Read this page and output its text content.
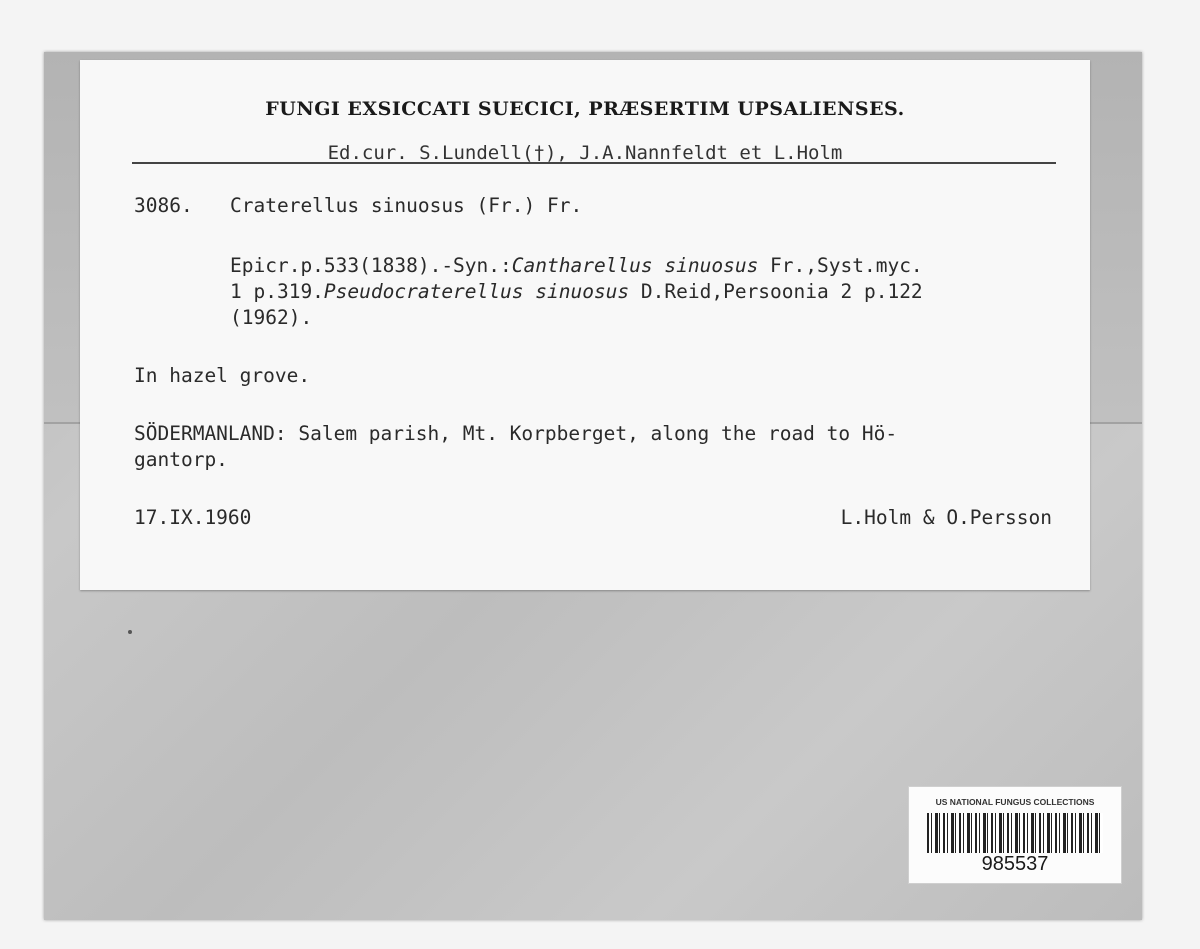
FUNGI EXSICCATI SUECICI, PRÆSERTIM UPSALIENSES.
Ed.cur. S.Lundell(†), J.A.Nannfeldt et L.Holm
3086. Craterellus sinuosus (Fr.) Fr.
Epicr.p.533(1838).-Syn.:Cantharellus sinuosus Fr.,Syst.myc.
1 p.319.Pseudocraterellus sinuosus D.Reid,Persoonia 2 p.122
(1962).
In hazel grove.
SÖDERMANLAND: Salem parish, Mt. Korpberget, along the road to Hö-
gantorp.
17.IX.1960	L.Holm & O.Persson
US NATIONAL FUNGUS COLLECTIONS
985537
